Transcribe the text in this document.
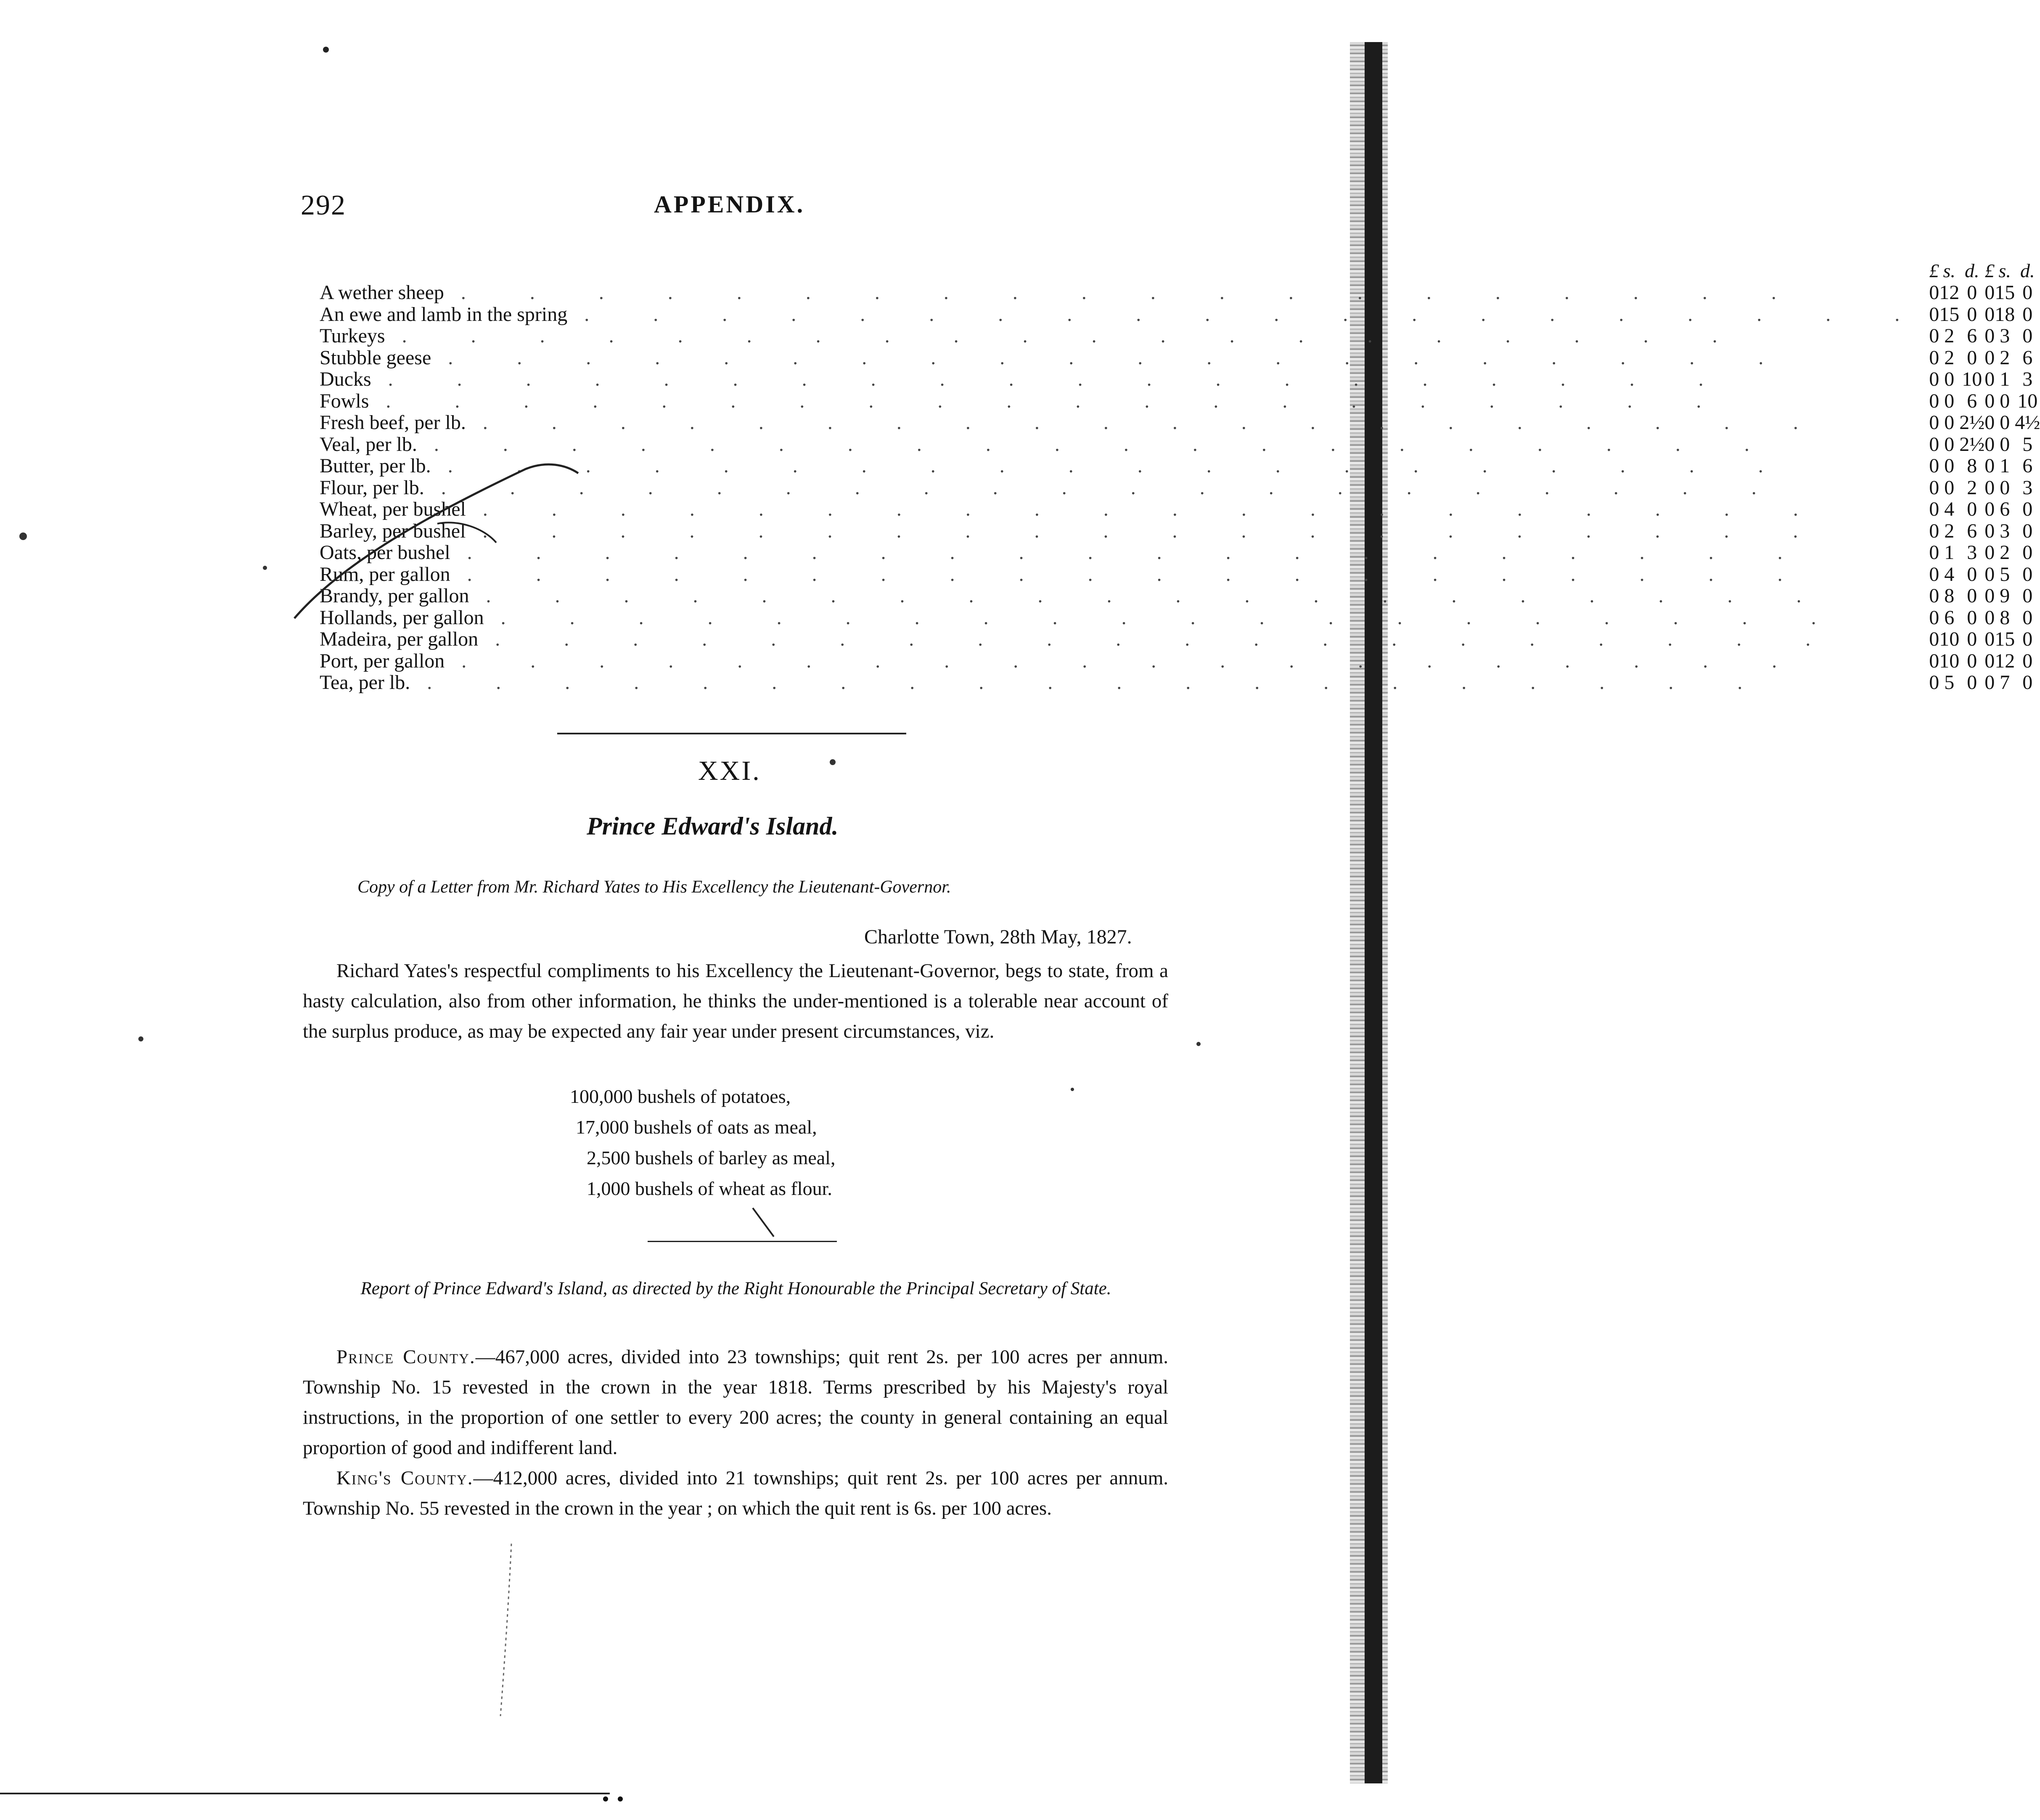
292	APPENDIX.
	£	s.	d.		£	s.	d.
A wether sheep . . . . . . . . . . . . . . . . . . . .	0	12	0		0	15	0
An ewe and lamb in the spring . . . . . . . . . . . . . . . . . . . .	0	15	0		0	18	0
Turkeys . . . . . . . . . . . . . . . . . . . .	0	2	6		0	3	0
Stubble geese . . . . . . . . . . . . . . . . . . . .	0	2	0		0	2	6
Ducks . . . . . . . . . . . . . . . . . . . .	0	0	10		0	1	3
Fowls . . . . . . . . . . . . . . . . . . . .	0	0	6		0	0	10
Fresh beef, per lb. . . . . . . . . . . . . . . . . . . . .	0	0	2½		0	0	4½
Veal, per lb. . . . . . . . . . . . . . . . . . . . .	0	0	2½		0	0	5
Butter, per lb. . . . . . . . . . . . . . . . . . . . .	0	0	8		0	1	6
Flour, per lb. . . . . . . . . . . . . . . . . . . . .	0	0	2		0	0	3
Wheat, per bushel . . . . . . . . . . . . . . . . . . . .	0	4	0		0	6	0
Barley, per bushel . . . . . . . . . . . . . . . . . . . .	0	2	6		0	3	0
Oats, per bushel . . . . . . . . . . . . . . . . . . . .	0	1	3		0	2	0
Rum, per gallon . . . . . . . . . . . . . . . . . . . .	0	4	0		0	5	0
Brandy, per gallon . . . . . . . . . . . . . . . . . . . .	0	8	0		0	9	0
Hollands, per gallon . . . . . . . . . . . . . . . . . . . .	0	6	0		0	8	0
Madeira, per gallon . . . . . . . . . . . . . . . . . . . .	0	10	0		0	15	0
Port, per gallon . . . . . . . . . . . . . . . . . . . .	0	10	0		0	12	0
Tea, per lb. . . . . . . . . . . . . . . . . . . . .	0	5	0		0	7	0
XXI.
Prince Edward's Island.
Copy of a Letter from Mr. Richard Yates to His Excellency the Lieutenant-Governor.
Charlotte Town, 28th May, 1827.

Richard Yates's respectful compliments to his Excellency the Lieutenant-Governor, begs to state, from a hasty calculation, also from other information, he thinks the under-mentioned is a tolerable near account of the surplus produce, as may be expected any fair year under present circumstances, viz.

100,000 bushels of potatoes,
17,000 bushels of oats as meal,
2,500 bushels of barley as meal,
1,000 bushels of wheat as flour.
Report of Prince Edward's Island, as directed by the Right Honourable the Principal Secretary of State.

Prince County.—467,000 acres, divided into 23 townships; quit rent 2s. per 100 acres per annum. Township No. 15 revested in the crown in the year 1818. Terms prescribed by his Majesty's royal instructions, in the proportion of one settler to every 200 acres; the county in general containing an equal proportion of good and indifferent land.

King's County.—412,000 acres, divided into 21 townships; quit rent 2s. per 100 acres per annum. Township No. 55 revested in the crown in the year ; on which the quit rent is 6s. per 100 acres.
